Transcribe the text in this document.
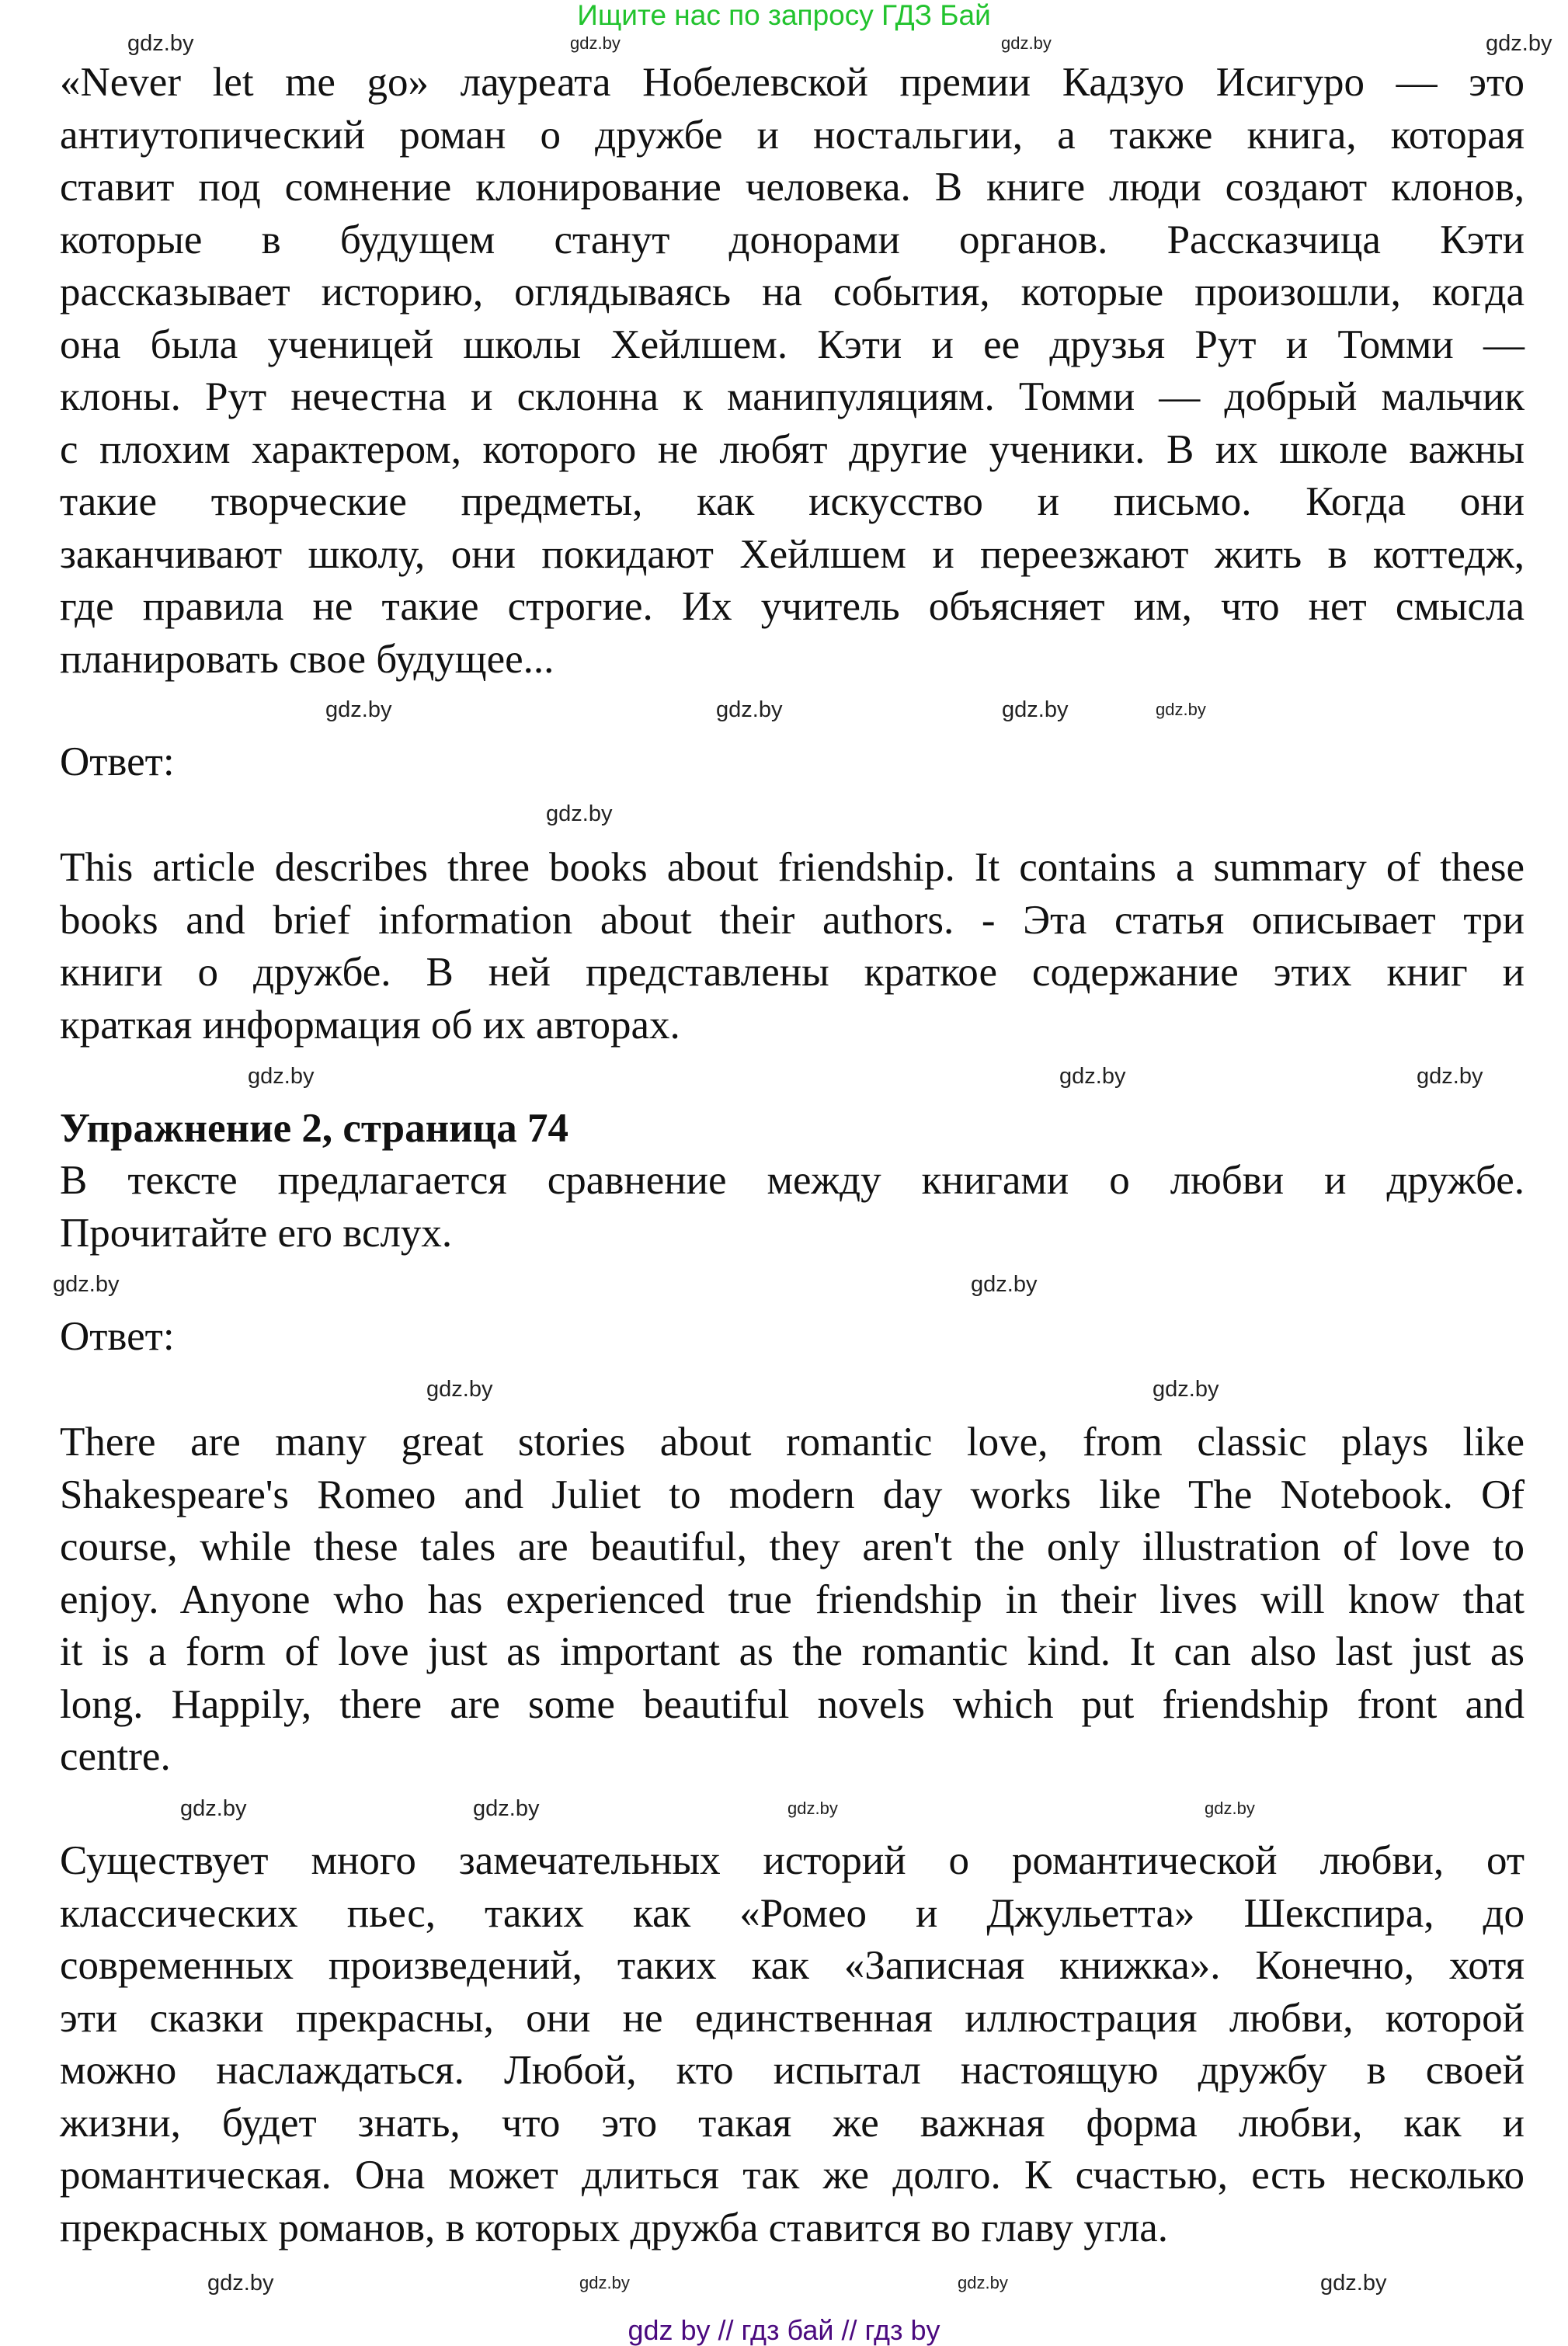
Ищите нас по запросу ГДЗ Бай
«Never let me go» лауреата Нобелевской премии Кадзуо Исигуро — это
антиутопический роман о дружбе и ностальгии, а также книга, которая
ставит под сомнение клонирование человека. В книге люди создают клонов,
которые в будущем станут донорами органов. Рассказчица Кэти
рассказывает историю, оглядываясь на события, которые произошли, когда
она была ученицей школы Хейлшем. Кэти и ее друзья Рут и Томми —
клоны. Рут нечестна и склонна к манипуляциям. Томми — добрый мальчик
с плохим характером, которого не любят другие ученики. В их школе важны
такие творческие предметы, как искусство и письмо. Когда они
заканчивают школу, они покидают Хейлшем и переезжают жить в коттедж,
где правила не такие строгие. Их учитель объясняет им, что нет смысла
планировать свое будущее...
Ответ:
This article describes three books about friendship. It contains a summary of these
books and brief information about their authors. - Эта статья описывает три
книги о дружбе. В ней представлены краткое содержание этих книг и
краткая информация об их авторах.
Упражнение 2, страница 74
В тексте предлагается сравнение между книгами о любви и дружбе.
Прочитайте его вслух.
Ответ:
There are many great stories about romantic love, from classic plays like
Shakespeare's Romeo and Juliet to modern day works like The Notebook. Of
course, while these tales are beautiful, they aren't the only illustration of love to
enjoy. Anyone who has experienced true friendship in their lives will know that
it is a form of love just as important as the romantic kind. It can also last just as
long. Happily, there are some beautiful novels which put friendship front and
centre.
Существует много замечательных историй о романтической любви, от
классических пьес, таких как «Ромео и Джульетта» Шекспира, до
современных произведений, таких как «Записная книжка». Конечно, хотя
эти сказки прекрасны, они не единственная иллюстрация любви, которой
можно наслаждаться. Любой, кто испытал настоящую дружбу в своей
жизни, будет знать, что это такая же важная форма любви, как и
романтическая. Она может длиться так же долго. К счастью, есть несколько
прекрасных романов, в которых дружба ставится во главу угла.
gdz.by	gdz.by	gdz.by	gdz.by
gdz.by
gdz.by
gdz.by	gdz.by
gdz.by
gdz.by
gdz.by	gdz.by
gdz.by
gdz.by
gdz.by	gdz.by
gdz.by
gdz.by
gdz.by	gdz.by
gdz.by	gdz.by
gdz.by
gdz.by
gdz by // гдз бай // гдз by
